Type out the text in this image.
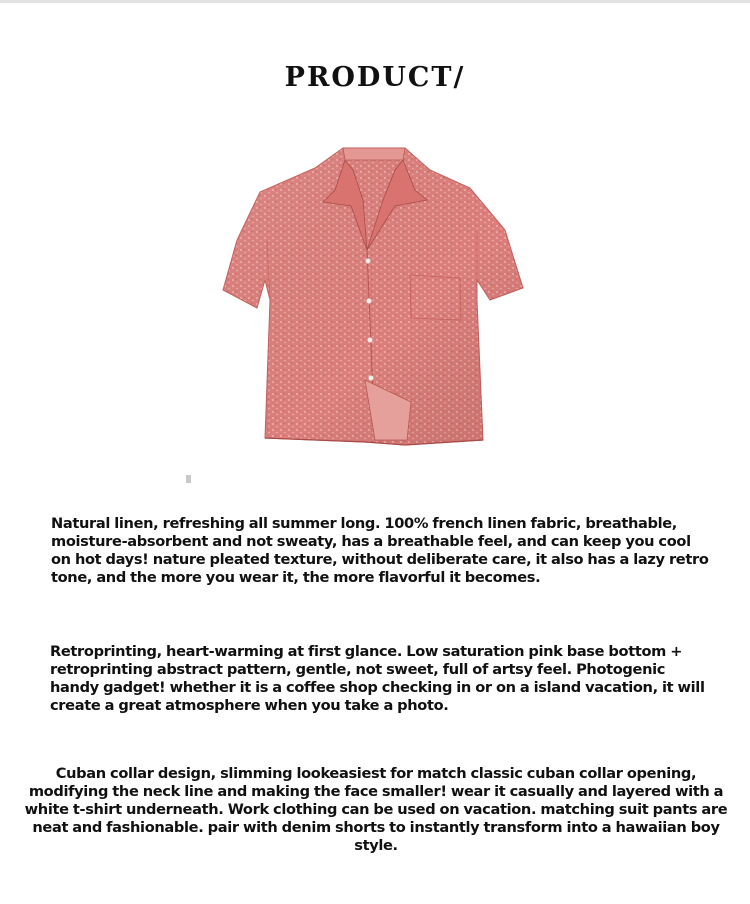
PRODUCT/

Natural linen, refreshing all summer long. 100% french linen fabric, breathable, moisture-absorbent and not sweaty, has a breathable feel, and can keep you cool on hot days! nature pleated texture, without deliberate care, it also has a lazy retro tone, and the more you wear it, the more flavorful it becomes.

Retroprinting, heart-warming at first glance. Low saturation pink base bottom + retroprinting abstract pattern, gentle, not sweet, full of artsy feel. Photogenic handy gadget! whether it is a coffee shop checking in or on a island vacation, it will create a great atmosphere when you take a photo.

Cuban collar design, slimming lookeasiest for match classic cuban collar opening, modifying the neck line and making the face smaller! wear it casually and layered with a white t-shirt underneath. Work clothing can be used on vacation. matching suit pants are neat and fashionable. pair with denim shorts to instantly transform into a hawaiian boy style.
